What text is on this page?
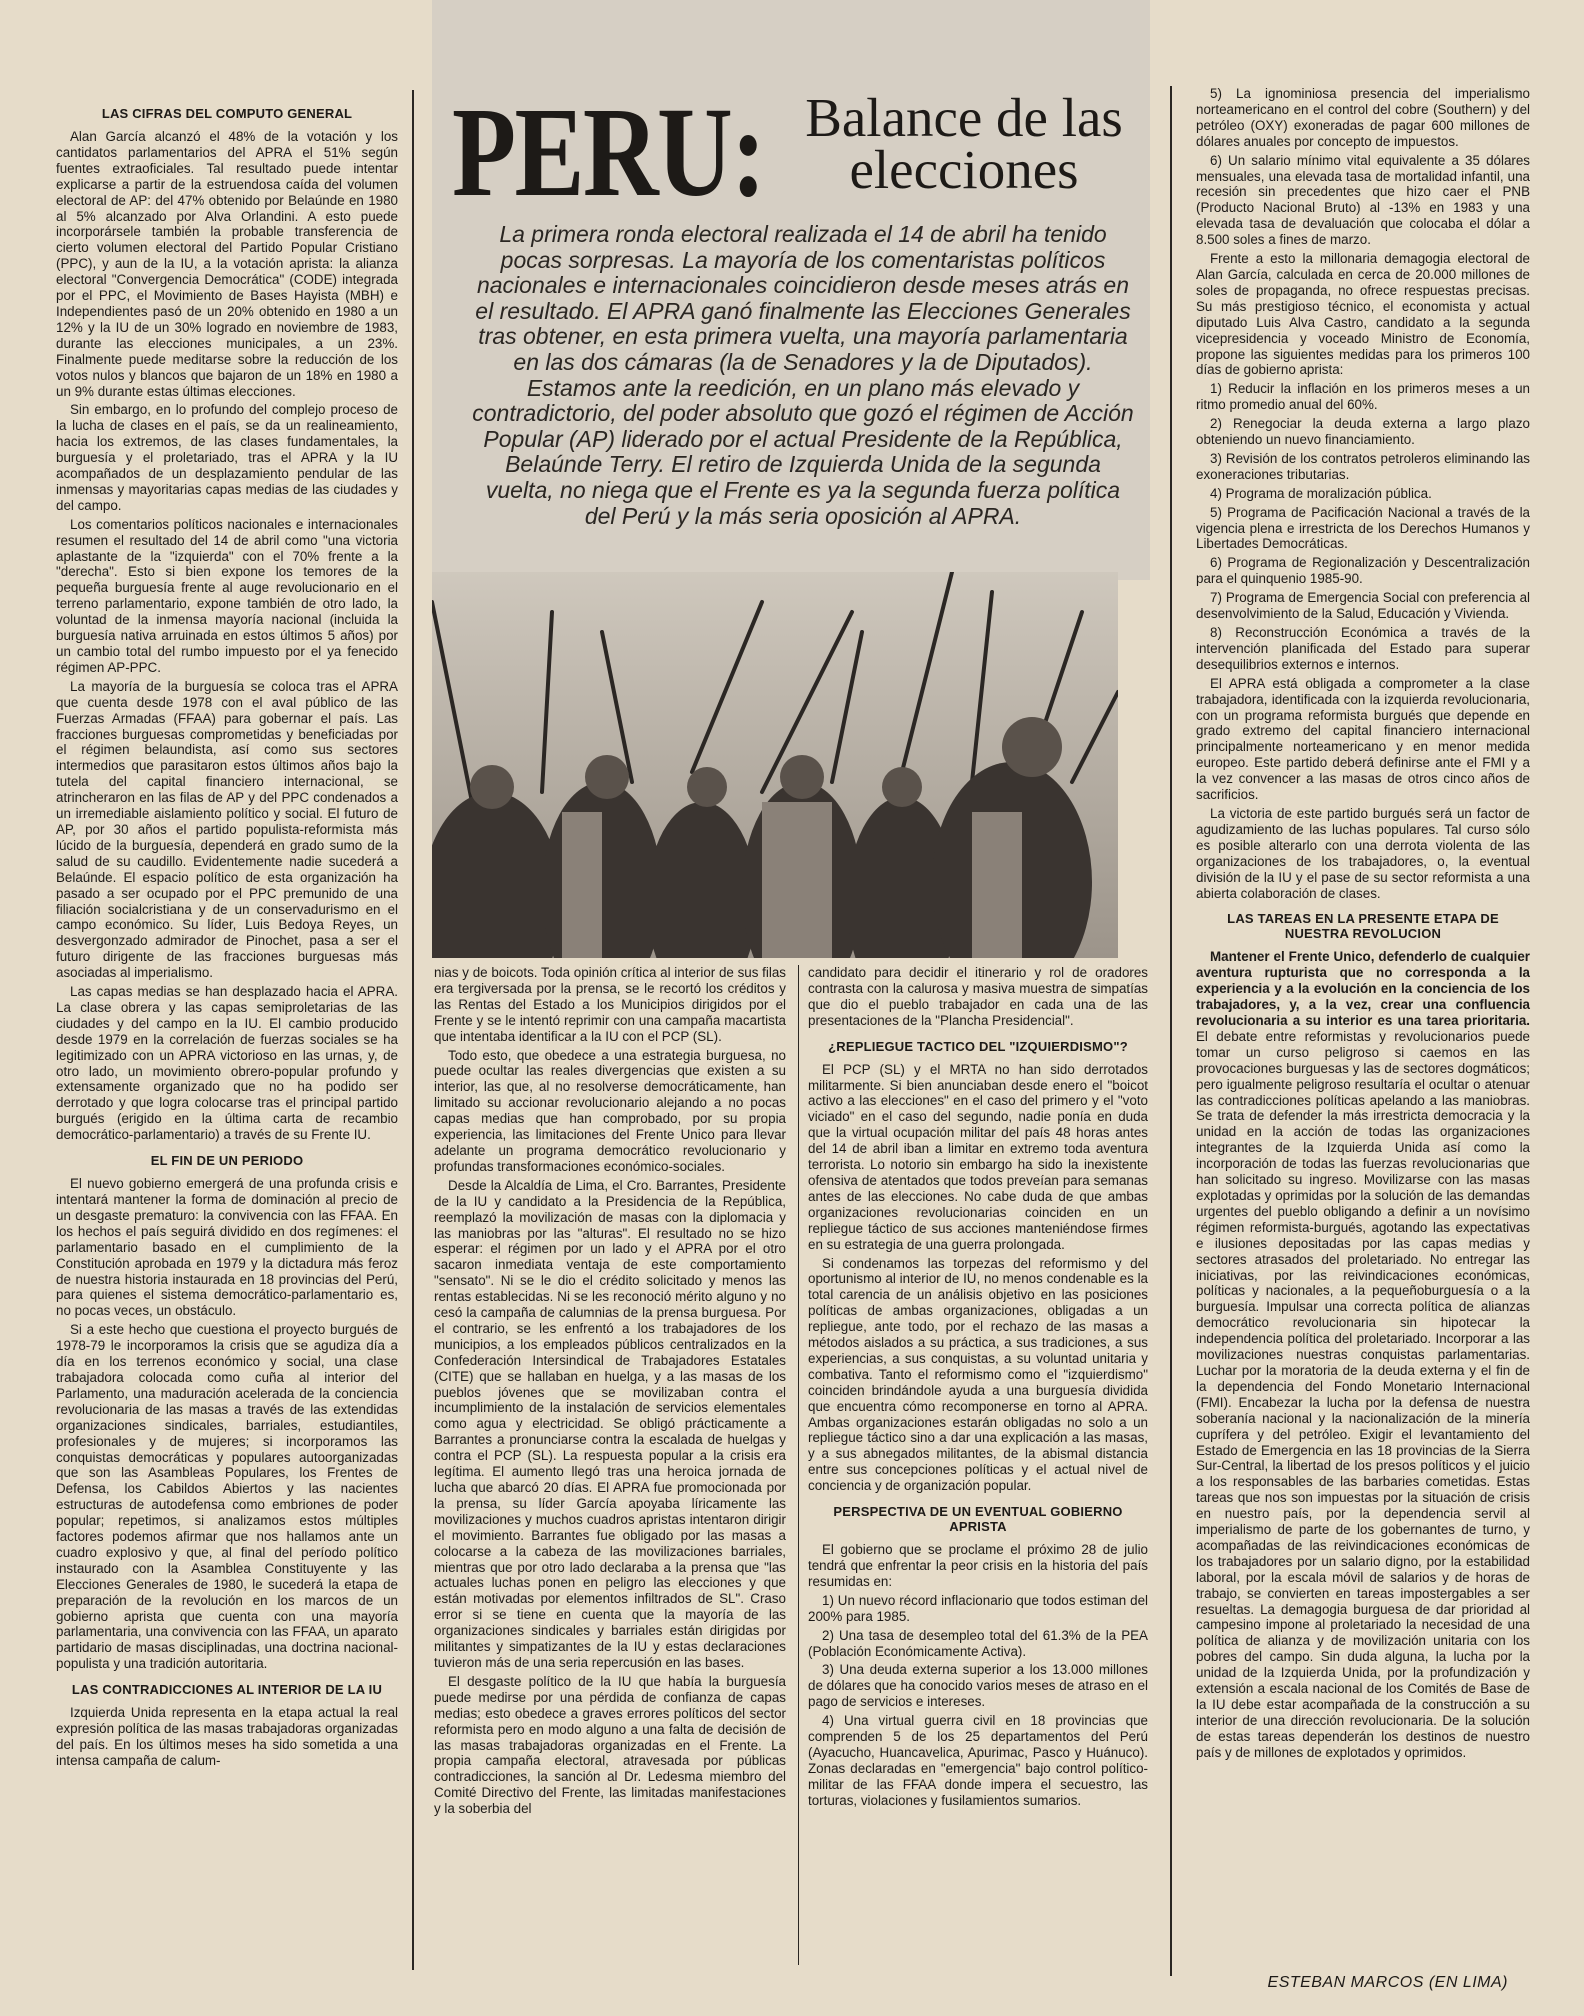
PERU: Balance de las elecciones
La primera ronda electoral realizada el 14 de abril ha tenido pocas sorpresas. La mayoría de los comentaristas políticos nacionales e internacionales coincidieron desde meses atrás en el resultado. El APRA ganó finalmente las Elecciones Generales tras obtener, en esta primera vuelta, una mayoría parlamentaria en las dos cámaras (la de Senadores y la de Diputados). Estamos ante la reedición, en un plano más elevado y contradictorio, del poder absoluto que gozó el régimen de Acción Popular (AP) liderado por el actual Presidente de la República, Belaúnde Terry. El retiro de Izquierda Unida de la segunda vuelta, no niega que el Frente es ya la segunda fuerza política del Perú y la más seria oposición al APRA.
LAS CIFRAS DEL COMPUTO GENERAL

Alan García alcanzó el 48% de la votación y los cantidatos parlamentarios del APRA el 51% según fuentes extraoficiales. Tal resultado puede intentar explicarse a partir de la estruendosa caída del volumen electoral de AP: del 47% obtenido por Belaúnde en 1980 al 5% alcanzado por Alva Orlandini. A esto puede incorporársele también la probable transferencia de cierto volumen electoral del Partido Popular Cristiano (PPC), y aun de la IU, a la votación aprista: la alianza electoral "Convergencia Democrática" (CODE) integrada por el PPC, el Movimiento de Bases Hayista (MBH) e Independientes pasó de un 20% obtenido en 1980 a un 12% y la IU de un 30% logrado en noviembre de 1983, durante las elecciones municipales, a un 23%. Finalmente puede meditarse sobre la reducción de los votos nulos y blancos que bajaron de un 18% en 1980 a un 9% durante estas últimas elecciones.

Sin embargo, en lo profundo del complejo proceso de la lucha de clases en el país, se da un realineamiento, hacia los extremos, de las clases fundamentales, la burguesía y el proletariado, tras el APRA y la IU acompañados de un desplazamiento pendular de las inmensas y mayoritarias capas medias de las ciudades y del campo.

Los comentarios políticos nacionales e internacionales resumen el resultado del 14 de abril como "una victoria aplastante de la "izquierda" con el 70% frente a la "derecha". Esto si bien expone los temores de la pequeña burguesía frente al auge revolucionario en el terreno parlamentario, expone también de otro lado, la voluntad de la inmensa mayoría nacional (incluida la burguesía nativa arruinada en estos últimos 5 años) por un cambio total del rumbo impuesto por el ya fenecido régimen AP-PPC.

La mayoría de la burguesía se coloca tras el APRA que cuenta desde 1978 con el aval público de las Fuerzas Armadas (FFAA) para gobernar el país. Las fracciones burguesas comprometidas y beneficiadas por el régimen belaundista, así como sus sectores intermedios que parasitaron estos últimos años bajo la tutela del capital financiero internacional, se atrincheraron en las filas de AP y del PPC condenados a un irremediable aislamiento político y social. El futuro de AP, por 30 años el partido populista-reformista más lúcido de la burguesía, dependerá en grado sumo de la salud de su caudillo. Evidentemente nadie sucederá a Belaúnde. El espacio político de esta organización ha pasado a ser ocupado por el PPC premunido de una filiación socialcristiana y de un conservadurismo en el campo económico. Su líder, Luis Bedoya Reyes, un desvergonzado admirador de Pinochet, pasa a ser el futuro dirigente de las fracciones burguesas más asociadas al imperialismo.

Las capas medias se han desplazado hacia el APRA. La clase obrera y las capas semiproletarias de las ciudades y del campo en la IU. El cambio producido desde 1979 en la correlación de fuerzas sociales se ha legitimizado con un APRA victorioso en las urnas, y, de otro lado, un movimiento obrero-popular profundo y extensamente organizado que no ha podido ser derrotado y que logra colocarse tras el principal partido burgués (erigido en la última carta de recambio democrático-parlamentario) a través de su Frente IU.

EL FIN DE UN PERIODO

El nuevo gobierno emergerá de una profunda crisis e intentará mantener la forma de dominación al precio de un desgaste prematuro: la convivencia con las FFAA. En los hechos el país seguirá dividido en dos regímenes: el parlamentario basado en el cumplimiento de la Constitución aprobada en 1979 y la dictadura más feroz de nuestra historia instaurada en 18 provincias del Perú, para quienes el sistema democrático-parlamentario es, no pocas veces, un obstáculo.

Si a este hecho que cuestiona el proyecto burgués de 1978-79 le incorporamos la crisis que se agudiza día a día en los terrenos económico y social, una clase trabajadora colocada como cuña al interior del Parlamento, una maduración acelerada de la conciencia revolucionaria de las masas a través de las extendidas organizaciones sindicales, barriales, estudiantiles, profesionales y de mujeres; si incorporamos las conquistas democráticas y populares autoorganizadas que son las Asambleas Populares, los Frentes de Defensa, los Cabildos Abiertos y las nacientes estructuras de autodefensa como embriones de poder popular; repetimos, si analizamos estos múltiples factores podemos afirmar que nos hallamos ante un cuadro explosivo y que, al final del período político instaurado con la Asamblea Constituyente y las Elecciones Generales de 1980, le sucederá la etapa de preparación de la revolución en los marcos de un gobierno aprista que cuenta con una mayoría parlamentaria, una convivencia con las FFAA, un aparato partidario de masas disciplinadas, una doctrina nacional-populista y una tradición autoritaria.

LAS CONTRADICCIONES AL INTERIOR DE LA IU

Izquierda Unida representa en la etapa actual la real expresión política de las masas trabajadoras organizadas del país. En los últimos meses ha sido sometida a una intensa campaña de calum-

nias y de boicots. Toda opinión crítica al interior de sus filas era tergiversada por la prensa, se le recortó los créditos y las Rentas del Estado a los Municipios dirigidos por el Frente y se le intentó reprimir con una campaña macartista que intentaba identificar a la IU con el PCP (SL).

Todo esto, que obedece a una estrategia burguesa, no puede ocultar las reales divergencias que existen a su interior, las que, al no resolverse democráticamente, han limitado su accionar revolucionario alejando a no pocas capas medias que han comprobado, por su propia experiencia, las limitaciones del Frente Unico para llevar adelante un programa democrático revolucionario y profundas transformaciones económico-sociales.

Desde la Alcaldía de Lima, el Cro. Barrantes, Presidente de la IU y candidato a la Presidencia de la República, reemplazó la movilización de masas con la diplomacia y las maniobras por las "alturas". El resultado no se hizo esperar: el régimen por un lado y el APRA por el otro sacaron inmediata ventaja de este comportamiento "sensato". Ni se le dio el crédito solicitado y menos las rentas establecidas. Ni se les reconoció mérito alguno y no cesó la campaña de calumnias de la prensa burguesa. Por el contrario, se les enfrentó a los trabajadores de los municipios, a los empleados públicos centralizados en la Confederación Intersindical de Trabajadores Estatales (CITE) que se hallaban en huelga, y a las masas de los pueblos jóvenes que se movilizaban contra el incumplimiento de la instalación de servicios elementales como agua y electricidad. Se obligó prácticamente a Barrantes a pronunciarse contra la escalada de huelgas y contra el PCP (SL). La respuesta popular a la crisis era legítima. El aumento llegó tras una heroica jornada de lucha que abarcó 20 días. El APRA fue promocionada por la prensa, su líder García apoyaba líricamente las movilizaciones y muchos cuadros apristas intentaron dirigir el movimiento. Barrantes fue obligado por las masas a colocarse a la cabeza de las movilizaciones barriales, mientras que por otro lado declaraba a la prensa que "las actuales luchas ponen en peligro las elecciones y que están motivadas por elementos infiltrados de SL". Craso error si se tiene en cuenta que la mayoría de las organizaciones sindicales y barriales están dirigidas por militantes y simpatizantes de la IU y estas declaraciones tuvieron más de una seria repercusión en las bases.

El desgaste político de la IU que había la burguesía puede medirse por una pérdida de confianza de capas medias; esto obedece a graves errores políticos del sector reformista pero en modo alguno a una falta de decisión de las masas trabajadoras organizadas en el Frente. La propia campaña electoral, atravesada por públicas contradicciones, la sanción al Dr. Ledesma miembro del Comité Directivo del Frente, las limitadas manifestaciones y la soberbia del

candidato para decidir el itinerario y rol de oradores contrasta con la calurosa y masiva muestra de simpatías que dio el pueblo trabajador en cada una de las presentaciones de la "Plancha Presidencial".

¿REPLIEGUE TACTICO DEL "IZQUIERDISMO"?

El PCP (SL) y el MRTA no han sido derrotados militarmente. Si bien anunciaban desde enero el "boicot activo a las elecciones" en el caso del primero y el "voto viciado" en el caso del segundo, nadie ponía en duda que la virtual ocupación militar del país 48 horas antes del 14 de abril iban a limitar en extremo toda aventura terrorista. Lo notorio sin embargo ha sido la inexistente ofensiva de atentados que todos preveían para semanas antes de las elecciones. No cabe duda de que ambas organizaciones revolucionarias coinciden en un repliegue táctico de sus acciones manteniéndose firmes en su estrategia de una guerra prolongada.

Si condenamos las torpezas del reformismo y del oportunismo al interior de IU, no menos condenable es la total carencia de un análisis objetivo en las posiciones políticas de ambas organizaciones, obligadas a un repliegue, ante todo, por el rechazo de las masas a métodos aislados a su práctica, a sus tradiciones, a sus experiencias, a sus conquistas, a su voluntad unitaria y combativa. Tanto el reformismo como el "izquierdismo" coinciden brindándole ayuda a una burguesía dividida que encuentra cómo recomponerse en torno al APRA. Ambas organizaciones estarán obligadas no solo a un repliegue táctico sino a dar una explicación a las masas, y a sus abnegados militantes, de la abismal distancia entre sus concepciones políticas y el actual nivel de conciencia y de organización popular.

PERSPECTIVA DE UN EVENTUAL GOBIERNO APRISTA

El gobierno que se proclame el próximo 28 de julio tendrá que enfrentar la peor crisis en la historia del país resumidas en:

1) Un nuevo récord inflacionario que todos estiman del 200% para 1985.

2) Una tasa de desempleo total del 61.3% de la PEA (Población Económicamente Activa).

3) Una deuda externa superior a los 13.000 millones de dólares que ha conocido varios meses de atraso en el pago de servicios e intereses.

4) Una virtual guerra civil en 18 provincias que comprenden 5 de los 25 departamentos del Perú (Ayacucho, Huancavelica, Apurimac, Pasco y Huánuco). Zonas declaradas en "emergencia" bajo control político-militar de las FFAA donde impera el secuestro, las torturas, violaciones y fusilamientos sumarios.

5) La ignominiosa presencia del imperialismo norteamericano en el control del cobre (Southern) y del petróleo (OXY) exoneradas de pagar 600 millones de dólares anuales por concepto de impuestos.

6) Un salario mínimo vital equivalente a 35 dólares mensuales, una elevada tasa de mortalidad infantil, una recesión sin precedentes que hizo caer el PNB (Producto Nacional Bruto) al -13% en 1983 y una elevada tasa de devaluación que colocaba el dólar a 8.500 soles a fines de marzo.

Frente a esto la millonaria demagogia electoral de Alan García, calculada en cerca de 20.000 millones de soles de propaganda, no ofrece respuestas precisas. Su más prestigioso técnico, el economista y actual diputado Luis Alva Castro, candidato a la segunda vicepresidencia y voceado Ministro de Economía, propone las siguientes medidas para los primeros 100 días de gobierno aprista:

1) Reducir la inflación en los primeros meses a un ritmo promedio anual del 60%.

2) Renegociar la deuda externa a largo plazo obteniendo un nuevo financiamiento.

3) Revisión de los contratos petroleros eliminando las exoneraciones tributarias.

4) Programa de moralización pública.

5) Programa de Pacificación Nacional a través de la vigencia plena e irrestricta de los Derechos Humanos y Libertades Democráticas.

6) Programa de Regionalización y Descentralización para el quinquenio 1985-90.

7) Programa de Emergencia Social con preferencia al desenvolvimiento de la Salud, Educación y Vivienda.

8) Reconstrucción Económica a través de la intervención planificada del Estado para superar desequilibrios externos e internos.

El APRA está obligada a comprometer a la clase trabajadora, identificada con la izquierda revolucionaria, con un programa reformista burgués que depende en grado extremo del capital financiero internacional principalmente norteamericano y en menor medida europeo. Este partido deberá definirse ante el FMI y a la vez convencer a las masas de otros cinco años de sacrificios.

La victoria de este partido burgués será un factor de agudizamiento de las luchas populares. Tal curso sólo es posible alterarlo con una derrota violenta de las organizaciones de los trabajadores, o, la eventual división de la IU y el pase de su sector reformista a una abierta colaboración de clases.

LAS TAREAS EN LA PRESENTE ETAPA DE NUESTRA REVOLUCION

Mantener el Frente Unico, defenderlo de cualquier aventura rupturista que no corresponda a la experiencia y a la evolución en la conciencia de los trabajadores, y, a la vez, crear una confluencia revolucionaria a su interior es una tarea prioritaria. El debate entre reformistas y revolucionarios puede tomar un curso peligroso si caemos en las provocaciones burguesas y las de sectores dogmáticos; pero igualmente peligroso resultaría el ocultar o atenuar las contradicciones políticas apelando a las maniobras. Se trata de defender la más irrestricta democracia y la unidad en la acción de todas las organizaciones integrantes de la Izquierda Unida así como la incorporación de todas las fuerzas revolucionarias que han solicitado su ingreso. Movilizarse con las masas explotadas y oprimidas por la solución de las demandas urgentes del pueblo obligando a definir a un novísimo régimen reformista-burgués, agotando las expectativas e ilusiones depositadas por las capas medias y sectores atrasados del proletariado. No entregar las iniciativas, por las reivindicaciones económicas, políticas y nacionales, a la pequeñoburguesía o a la burguesía. Impulsar una correcta política de alianzas democrático revolucionaria sin hipotecar la independencia política del proletariado. Incorporar a las movilizaciones nuestras conquistas parlamentarias. Luchar por la moratoria de la deuda externa y el fin de la dependencia del Fondo Monetario Internacional (FMI). Encabezar la lucha por la defensa de nuestra soberanía nacional y la nacionalización de la minería cuprífera y del petróleo. Exigir el levantamiento del Estado de Emergencia en las 18 provincias de la Sierra Sur-Central, la libertad de los presos políticos y el juicio a los responsables de las barbaries cometidas. Estas tareas que nos son impuestas por la situación de crisis en nuestro país, por la dependencia servil al imperialismo de parte de los gobernantes de turno, y acompañadas de las reivindicaciones económicas de los trabajadores por un salario digno, por la estabilidad laboral, por la escala móvil de salarios y de horas de trabajo, se convierten en tareas impostergables a ser resueltas. La demagogia burguesa de dar prioridad al campesino impone al proletariado la necesidad de una política de alianza y de movilización unitaria con los pobres del campo. Sin duda alguna, la lucha por la unidad de la Izquierda Unida, por la profundización y extensión a escala nacional de los Comités de Base de la IU debe estar acompañada de la construcción a su interior de una dirección revolucionaria. De la solución de estas tareas dependerán los destinos de nuestro país y de millones de explotados y oprimidos.

ESTEBAN MARCOS (EN LIMA)
